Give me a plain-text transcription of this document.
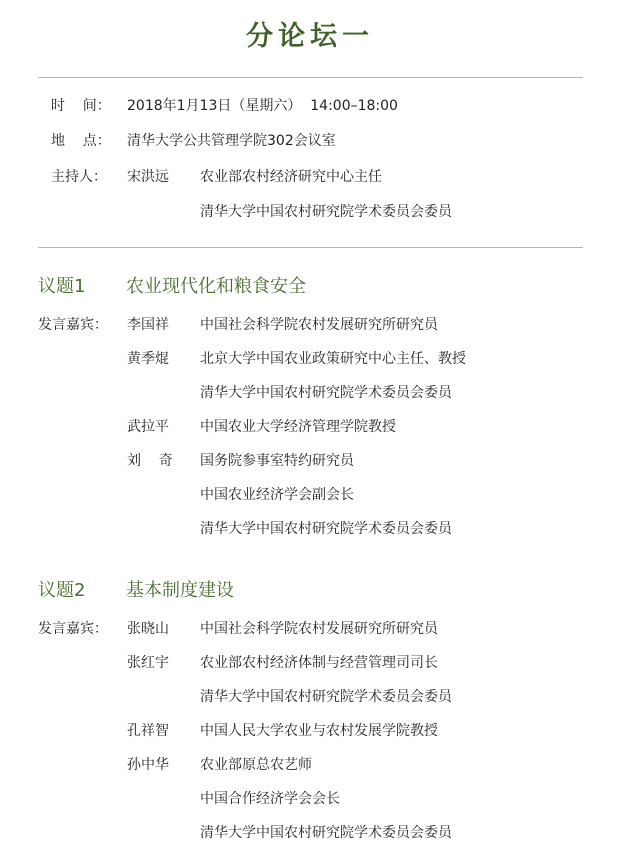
分论坛一
时    间： 2018年1月13日（星期六）  14:00–18:00
地    点： 清华大学公共管理学院302会议室
主持人： 宋洪远 农业部农村经济研究中心主任
清华大学中国农村研究院学术委员会委员
议题1 农业现代化和粮食安全
发言嘉宾： 李国祥 中国社会科学院农村发展研究所研究员
黄季焜 北京大学中国农业政策研究中心主任、教授
清华大学中国农村研究院学术委员会委员
武拉平 中国农业大学经济管理学院教授
刘    奇 国务院参事室特约研究员
中国农业经济学会副会长
清华大学中国农村研究院学术委员会委员
议题2 基本制度建设
发言嘉宾： 张晓山 中国社会科学院农村发展研究所研究员
张红宇 农业部农村经济体制与经营管理司司长
清华大学中国农村研究院学术委员会委员
孔祥智 中国人民大学农业与农村发展学院教授
孙中华 农业部原总农艺师
中国合作经济学会会长
清华大学中国农村研究院学术委员会委员
